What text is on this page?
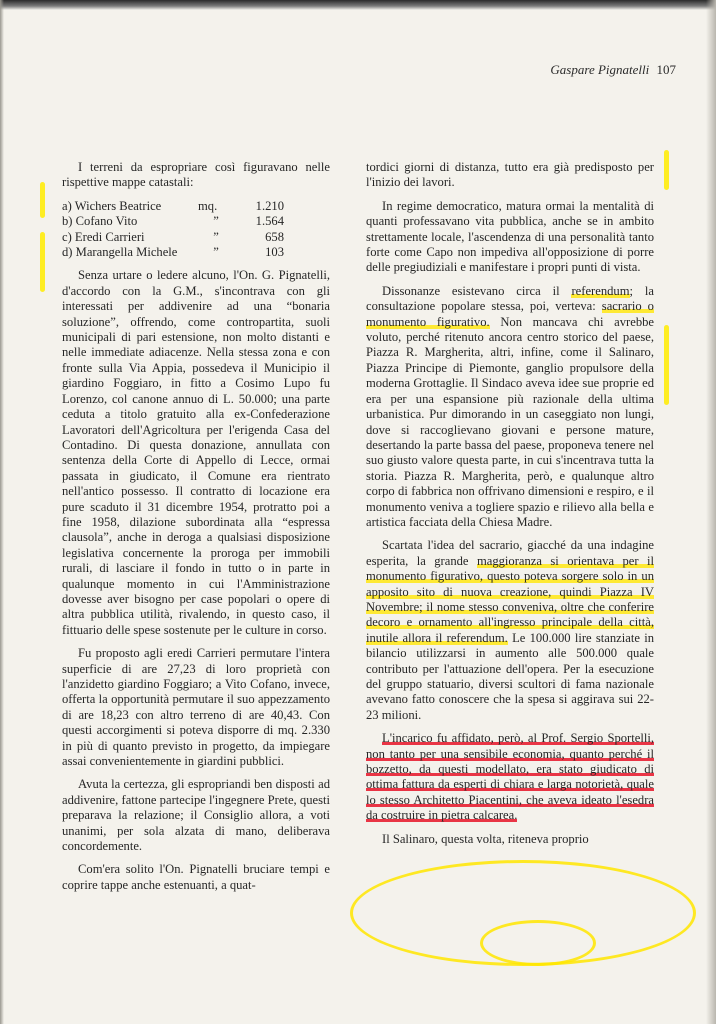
Gaspare Pignatelli 107

I terreni da espropriare così figuravano nelle rispettive mappe catastali:

a) Wichers Beatrice	mq.	1.210
b) Cofano Vito	”	1.564
c) Eredi Carrieri	”	658
d) Marangella Michele	”	103

Senza urtare o ledere alcuno, l'On. G. Pignatelli, d'accordo con la G.M., s'incontrava con gli interessati per addivenire ad una “bonaria soluzione”, offrendo, come contropartita, suoli municipali di pari estensione, non molto distanti e nelle immediate adiacenze. Nella stessa zona e con fronte sulla Via Appia, possedeva il Municipio il giardino Foggiaro, in fitto a Cosimo Lupo fu Lorenzo, col canone annuo di L. 50.000; una parte ceduta a titolo gratuito alla ex-Confederazione Lavoratori dell'Agricoltura per l'erigenda Casa del Contadino. Di questa donazione, annullata con sentenza della Corte di Appello di Lecce, ormai passata in giudicato, il Comune era rientrato nell'antico possesso. Il contratto di locazione era pure scaduto il 31 dicembre 1954, protratto poi a fine 1958, dilazione subordinata alla “espressa clausola”, anche in deroga a qualsiasi disposizione legislativa concernente la proroga per immobili rurali, di lasciare il fondo in tutto o in parte in qualunque momento in cui l'Amministrazione dovesse aver bisogno per case popolari o opere di altra pubblica utilità, rivalendo, in questo caso, il fittuario delle spese sostenute per le culture in corso.

Fu proposto agli eredi Carrieri permutare l'intera superficie di are 27,23 di loro proprietà con l'anzidetto giardino Foggiaro; a Vito Cofano, invece, offerta la opportunità permutare il suo appezzamento di are 18,23 con altro terreno di are 40,43. Con questi accorgimenti si poteva disporre di mq. 2.330 in più di quanto previsto in progetto, da impiegare assai convenientemente in giardini pubblici.

Avuta la certezza, gli espropriandi ben disposti ad addivenire, fattone partecipe l'ingegnere Prete, questi preparava la relazione; il Consiglio allora, a voti unanimi, per sola alzata di mano, deliberava concordemente.

Com'era solito l'On. Pignatelli bruciare tempi e coprire tappe anche estenuanti, a quat-

tordici giorni di distanza, tutto era già predisposto per l'inizio dei lavori.

In regime democratico, matura ormai la mentalità di quanti professavano vita pubblica, anche se in ambito strettamente locale, l'ascendenza di una personalità tanto forte come Capo non impediva all'opposizione di porre delle pregiudiziali e manifestare i propri punti di vista.

Dissonanze esistevano circa il referendum; la consultazione popolare stessa, poi, verteva: sacrario o monumento figurativo. Non mancava chi avrebbe voluto, perché ritenuto ancora centro storico del paese, Piazza R. Margherita, altri, infine, come il Salinaro, Piazza Principe di Piemonte, ganglio propulsore della moderna Grottaglie. Il Sindaco aveva idee sue proprie ed era per una espansione più razionale della ultima urbanistica. Pur dimorando in un caseggiato non lungi, dove si raccoglievano giovani e persone mature, desertando la parte bassa del paese, proponeva tenere nel suo giusto valore questa parte, in cui s'incentrava tutta la storia. Piazza R. Margherita, però, e qualunque altro corpo di fabbrica non offrivano dimensioni e respiro, e il monumento veniva a togliere spazio e rilievo alla bella e artistica facciata della Chiesa Madre.

Scartata l'idea del sacrario, giacché da una indagine esperita, la grande maggioranza si orientava per il monumento figurativo, questo poteva sorgere solo in un apposito sito di nuova creazione, quindi Piazza IV Novembre; il nome stesso conveniva, oltre che conferire decoro e ornamento all'ingresso principale della città, inutile allora il referendum. Le 100.000 lire stanziate in bilancio utilizzarsi in aumento alle 500.000 quale contributo per l'attuazione dell'opera. Per la esecuzione del gruppo statuario, diversi scultori di fama nazionale avevano fatto conoscere che la spesa si aggirava sui 22-23 milioni.

L'incarico fu affidato, però, al Prof. Sergio Sportelli, non tanto per una sensibile economia, quanto perché il bozzetto, da questi modellato, era stato giudicato di ottima fattura da esperti di chiara e larga notorietà, quale lo stesso Architetto Piacentini, che aveva ideato l'esedra da costruire in pietra calcarea.

Il Salinaro, questa volta, riteneva proprio
